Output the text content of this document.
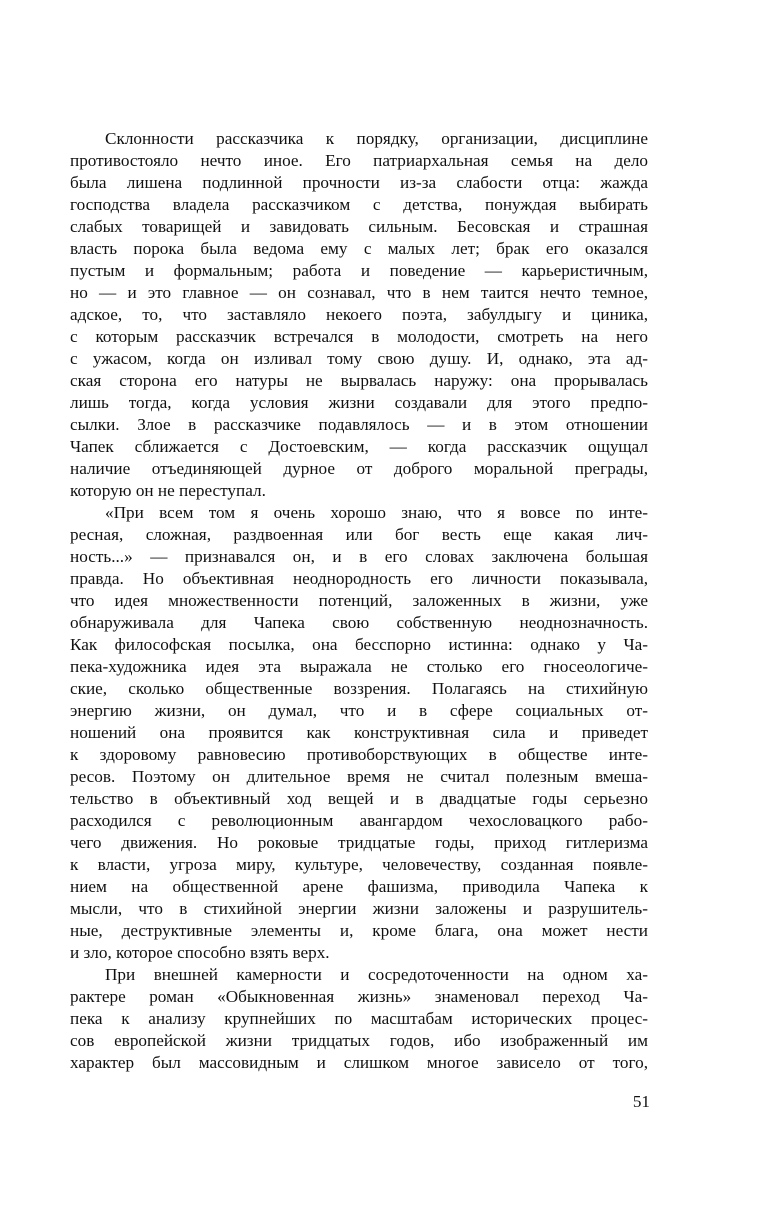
Склонности рассказчика к порядку, организации, дисциплине
противостояло нечто иное. Его патриархальная семья на дело
была лишена подлинной прочности из-за слабости отца: жажда
господства владела рассказчиком с детства, понуждая выбирать
слабых товарищей и завидовать сильным. Бесовская и страшная
власть порока была ведома ему с малых лет; брак его оказался
пустым и формальным; работа и поведение — карьеристичным,
но — и это главное — он сознавал, что в нем таится нечто темное,
адское, то, что заставляло некоего поэта, забулдыгу и циника,
с которым рассказчик встречался в молодости, смотреть на него
с ужасом, когда он изливал тому свою душу. И, однако, эта ад-
ская сторона его натуры не вырвалась наружу: она прорывалась
лишь тогда, когда условия жизни создавали для этого предпо-
сылки. Злое в рассказчике подавлялось — и в этом отношении
Чапек сближается с Достоевским, — когда рассказчик ощущал
наличие отъединяющей дурное от доброго моральной преграды,
которую он не переступал.
«При всем том я очень хорошо знаю, что я вовсе по инте-
ресная, сложная, раздвоенная или бог весть еще какая лич-
ность...» — признавался он, и в его словах заключена большая
правда. Но объективная неоднородность его личности показывала,
что идея множественности потенций, заложенных в жизни, уже
обнаруживала для Чапека свою собственную неоднозначность.
Как философская посылка, она бесспорно истинна: однако у Ча-
пека-художника идея эта выражала не столько его гносеологиче-
ские, сколько общественные воззрения. Полагаясь на стихийную
энергию жизни, он думал, что и в сфере социальных от-
ношений она проявится как конструктивная сила и приведет
к здоровому равновесию противоборствующих в обществе инте-
ресов. Поэтому он длительное время не считал полезным вмеша-
тельство в объективный ход вещей и в двадцатые годы серьезно
расходился с революционным авангардом чехословацкого рабо-
чего движения. Но роковые тридцатые годы, приход гитлеризма
к власти, угроза миру, культуре, человечеству, созданная появле-
нием на общественной арене фашизма, приводила Чапека к
мысли, что в стихийной энергии жизни заложены и разрушитель-
ные, деструктивные элементы и, кроме блага, она может нести
и зло, которое способно взять верх.
При внешней камерности и сосредоточенности на одном ха-
рактере роман «Обыкновенная жизнь» знаменовал переход Ча-
пека к анализу крупнейших по масштабам исторических процес-
сов европейской жизни тридцатых годов, ибо изображенный им
характер был массовидным и слишком многое зависело от того,
51
